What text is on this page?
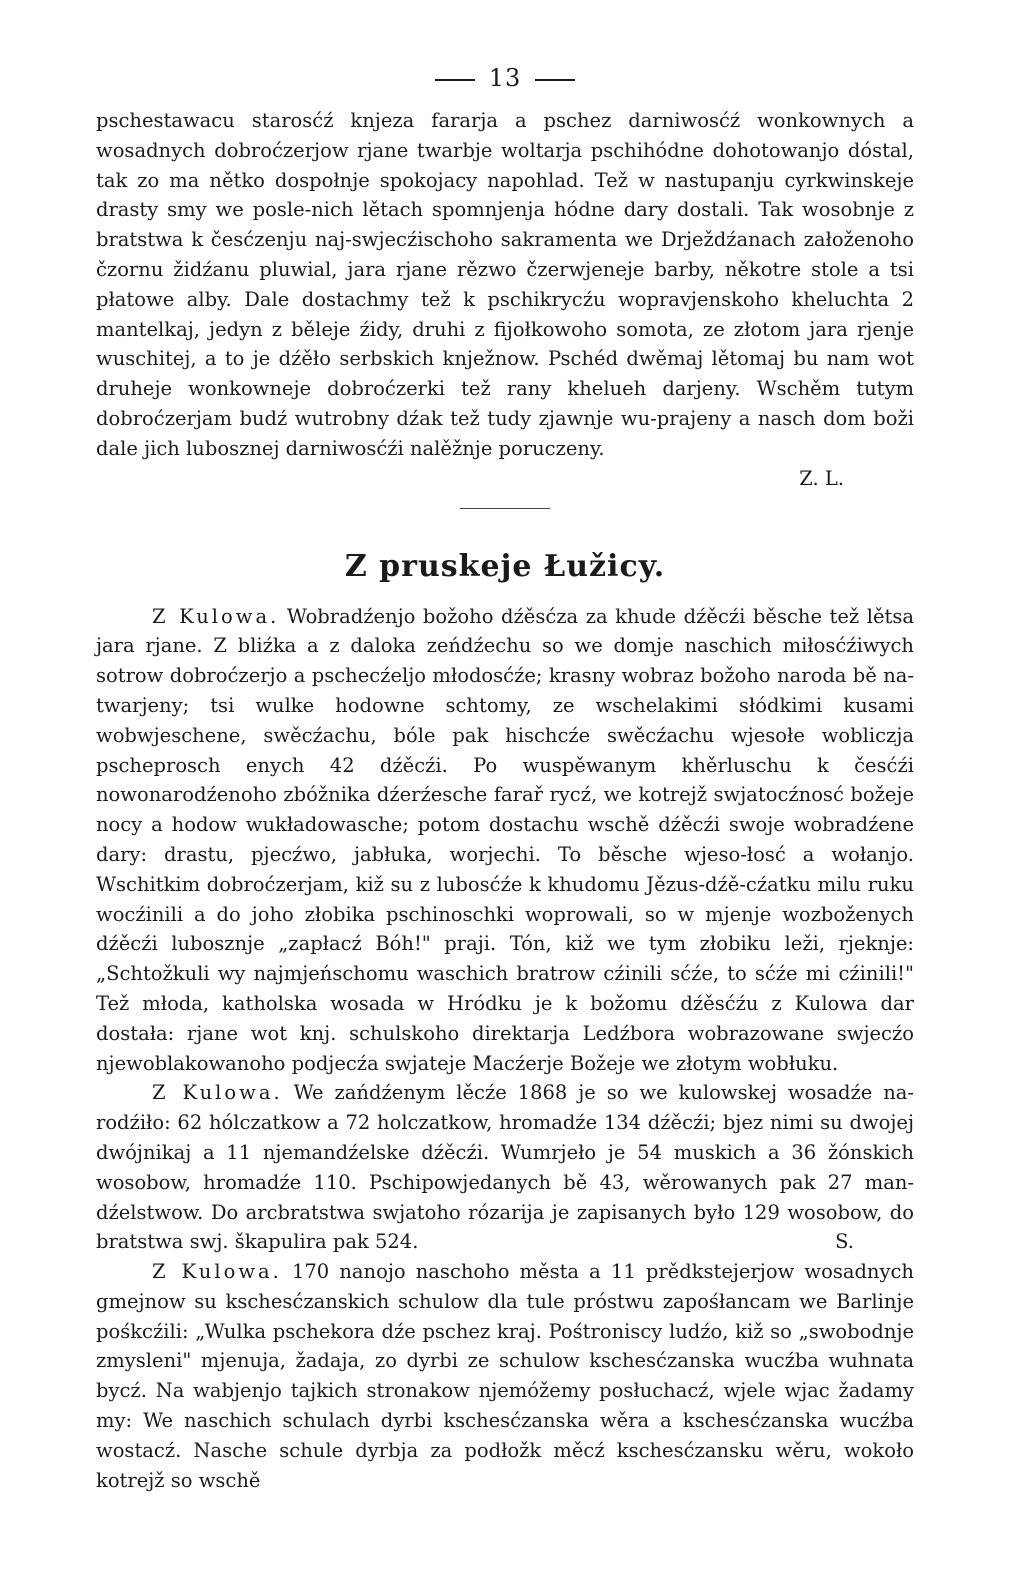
13

pschestawacu starosćź knjeza fararja a pschez darniwosćź wonkownych a wosadnych dobroćzerjow rjane twarbje woltarja pschihódne dohotowanjo dóstal, tak zo ma nětko dospołnje spokojacy napohlad. Tež w nastupanju cyrkwinskeje drasty smy we posle-nich lětach spomnjenja hódne dary dostali. Tak wosobnje z bratstwa k česćzenju naj-swjecźischoho sakramenta we Drježdźanach załoženoho čzornu židźanu pluwial, jara rjane rězwo čzerwjeneje barby, někotre stole a tsi płatowe alby. Dale dostachmy tež k pschikrycźu wopravjenskoho kheluchta 2 mantelkaj, jedyn z běleje źidy, druhi z fijołkowoho somota, ze złotom jara rjenje wuschitej, a to je dźěło serbskich knježnow. Pschéd dwěmaj lětomaj bu nam wot druheje wonkowneje dobroćzerki tež rany khelueh darjeny. Wschěm tutym dobroćzerjam budź wutrobny dźak tež tudy zjawnje wu-prajeny a nasch dom boži dale jich lubosznej darniwosćźi nalěžnje poruczeny.

Z. L.
Z pruskeje Łužicy.

Z Kulowa. Wobradźenjo božoho dźěsćza za khude dźěcźi běsche tež lětsa jara rjane. Z bliźka a z daloka zeńdźechu so we domje naschich miłosćźiwych sotrow dobroćzerjo a pschecźeljo młodosćźe; krasny wobraz božoho naroda bě na-twarjeny; tsi wulke hodowne schtomy, ze wschelakimi słódkimi kusami wobwjeschene, swěcźachu, bóle pak hischcźe swěcźachu wjesołe wobliczja pscheprosch enych 42 dźěcźi. Po wuspěwanym khěrluschu k česćźi nowonarodźenoho zbóžnika dźerźesche farař rycź, we kotrejž swjatocźnosć božeje nocy a hodow wukładowasche; potom dostachu wschě dźěcźi swoje wobradźene dary: drastu, pjecźwo, jabłuka, worjechi. To běsche wjeso-łosć a wołanjo. Wschitkim dobroćzerjam, kiž su z lubosćźe k khudomu Jězus-dźě-cźatku milu ruku wocźinili a do joho złobika pschinoschki woprowali, so w mjenje wozboženych dźěcźi lubosznje „zapłacź Bóh!" praji. Tón, kiž we tym złobiku leži, rjeknje: „Schtožkuli wy najmjeńschomu waschich bratrow cźinili sćźe, to sćźe mi cźinili!" Tež młoda, katholska wosada w Hródku je k božomu dźěsćźu z Kulowa dar dostała: rjane wot knj. schulskoho direktarja Ledźbora wobrazowane swjecźo njewoblakowanoho podjecźa swjateje Macźerje Božeje we złotym wobłuku.

Z Kulowa. We zańdźenym lěcźe 1868 je so we kulowskej wosadźe na-rodźiło: 62 hólczatkow a 72 holczatkow, hromadźe 134 dźěcźi; bjez nimi su dwojej dwójnikaj a 11 njemandźelske dźěcźi. Wumrjeło je 54 muskich a 36 žónskich wosobow, hromadźe 110. Pschipowjedanych bě 43, wěrowanych pak 27 man-dźelstwow. Do arcbratstwa swjatoho rózarija je zapisanych było 129 wosobow, do bratstwa swj. škapulira pak 524.	S.

Z Kulowa. 170 nanojo naschoho města a 11 prědkstejerjow wosadnych gmejnow su kschesćzanskich schulow dla tule próstwu zapośłancam we Barlinje pośkcźili: „Wulka pschekora dźe pschez kraj. Pośtroniscy ludźo, kiž so „swobodnje zmysleni" mjenuja, žadaja, zo dyrbi ze schulow kschesćzanska wucźba wuhnata bycź. Na wabjenjo tajkich stronakow njemóžemy posłuchacź, wjele wjac žadamy my: We naschich schulach dyrbi kschesćzanska wěra a kschesćzanska wucźba wostacź. Nasche schule dyrbja za podłožk měcź kschesćzansku wěru, wokoło kotrejž so wschě
